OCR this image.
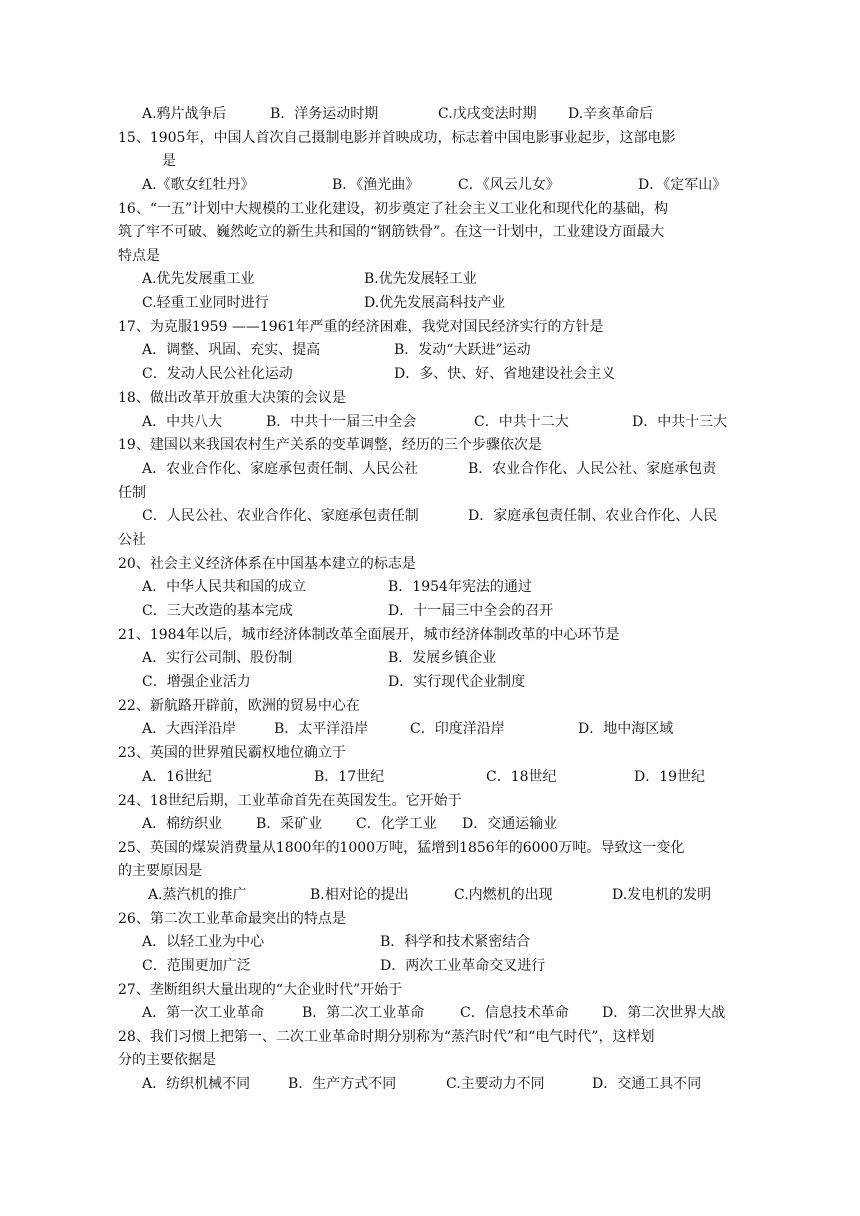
A.鸦片战争后	B．洋务运动时期	C.戊戌变法时期 D.辛亥革命后
15、1905年，中国人首次自己摄制电影并首映成功，标志着中国电影事业起步，这部电影
是
A.《歌女红牡丹》	B．《渔光曲》	C．《风云儿女》	D．《定军山》
16、“一五”计划中大规模的工业化建设，初步奠定了社会主义工业化和现代化的基础，构
筑了牢不可破、巍然屹立的新生共和国的“钢筋铁骨”。在这一计划中，工业建设方面最大
特点是
A.优先发展重工业	B.优先发展轻工业
C.轻重工业同时进行	D.优先发展高科技产业
17、为克服1959 ——1961年严重的经济困难，我党对国民经济实行的方针是
A．调整、巩固、充实、提高	B．发动“大跃进”运动
C．发动人民公社化运动	D．多、快、好、省地建设社会主义
18、做出改革开放重大决策的会议是
A．中共八大	B．中共十一届三中全会	C．中共十二大	D．中共十三大
19、建国以来我国农村生产关系的变革调整，经历的三个步骤依次是
A．农业合作化、家庭承包责任制、人民公社	B．农业合作化、人民公社、家庭承包责
任制
C．人民公社、农业合作化、家庭承包责任制	D．家庭承包责任制、农业合作化、人民
公社
20、社会主义经济体系在中国基本建立的标志是
A．中华人民共和国的成立	B．1954年宪法的通过
C．三大改造的基本完成	D．十一届三中全会的召开
21、1984年以后，城市经济体制改革全面展开，城市经济体制改革的中心环节是
A．实行公司制、股份制	B．发展乡镇企业
C．增强企业活力	D．实行现代企业制度
22、新航路开辟前，欧洲的贸易中心在
A．大西洋沿岸	B．太平洋沿岸	C．印度洋沿岸	D．地中海区域
23、英国的世界殖民霸权地位确立于
A．16世纪	B．17世纪	C．18世纪	D．19世纪
24、18世纪后期，工业革命首先在英国发生。它开始于
A．棉纺织业 B．采矿业 C．化学工业 D．交通运输业
25、英国的煤炭消费量从1800年的1000万吨，猛增到1856年的6000万吨。导致这一变化
的主要原因是
A.蒸汽机的推广	B.相对论的提出	C.内燃机的出现	D.发电机的发明
26、第二次工业革命最突出的特点是
A．以轻工业为中心	B．科学和技术紧密结合
C．范围更加广泛	D．两次工业革命交叉进行
27、垄断组织大量出现的“大企业时代”开始于
A．第一次工业革命	B．第二次工业革命	C．信息技术革命 D．第二次世界大战
28、我们习惯上把第一、二次工业革命时期分别称为“蒸汽时代”和“电气时代”，这样划
分的主要依据是
A．纺织机械不同	B．生产方式不同	C.主要动力不同	D．交通工具不同
